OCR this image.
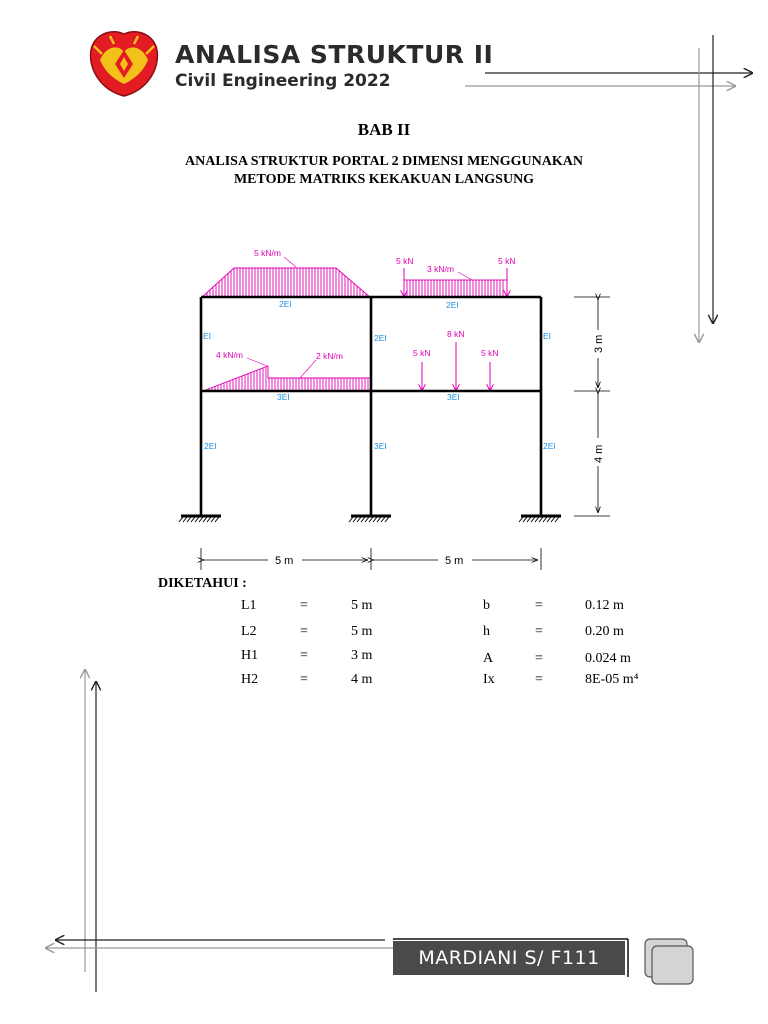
ANALISA STRUKTUR II
Civil Engineering 2022
BAB II
ANALISA STRUKTUR PORTAL 2 DIMENSI MENGGUNAKAN
METODE MATRIKS KEKAKUAN LANGSUNG
5 kN/m
5 kN
3 kN/m
5 kN
4 kN/m	2 kN/m	5 kN
8 kN
5 kN
2EI	2EI
EI	2EI	EI
3EI	3EI
2EI	3EI	2EI
3 m
4 m
5 m	5 m
DIKETAHUI :
L1	=	5 m
L2	=	5 m
H1	=	3 m
H2	=	4 m
b	=	0.12 m
h	=	0.20 m
A	=	0.024 m
Ix	=	8E-05 m⁴
MARDIANI S/ F111
